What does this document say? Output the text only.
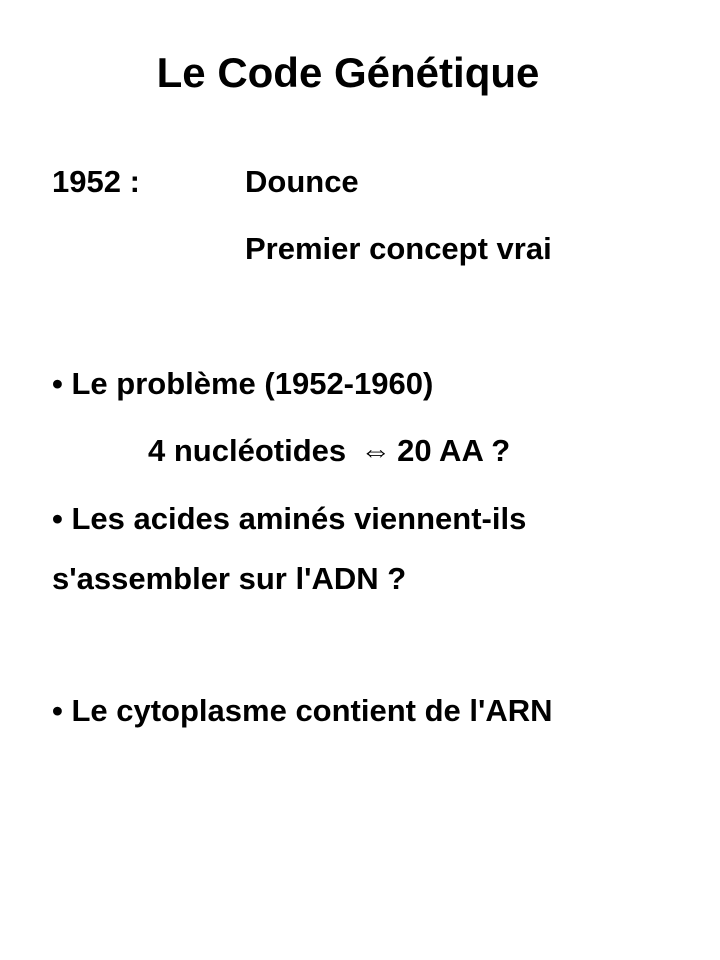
Le Code Génétique
1952 :	Dounce
Premier concept vrai
• Le problème (1952-1960)
4 nucléotides ⇔ 20 AA ?
• Les acides aminés viennent-ils
s'assembler sur l'ADN ?
• Le cytoplasme contient de l'ARN
